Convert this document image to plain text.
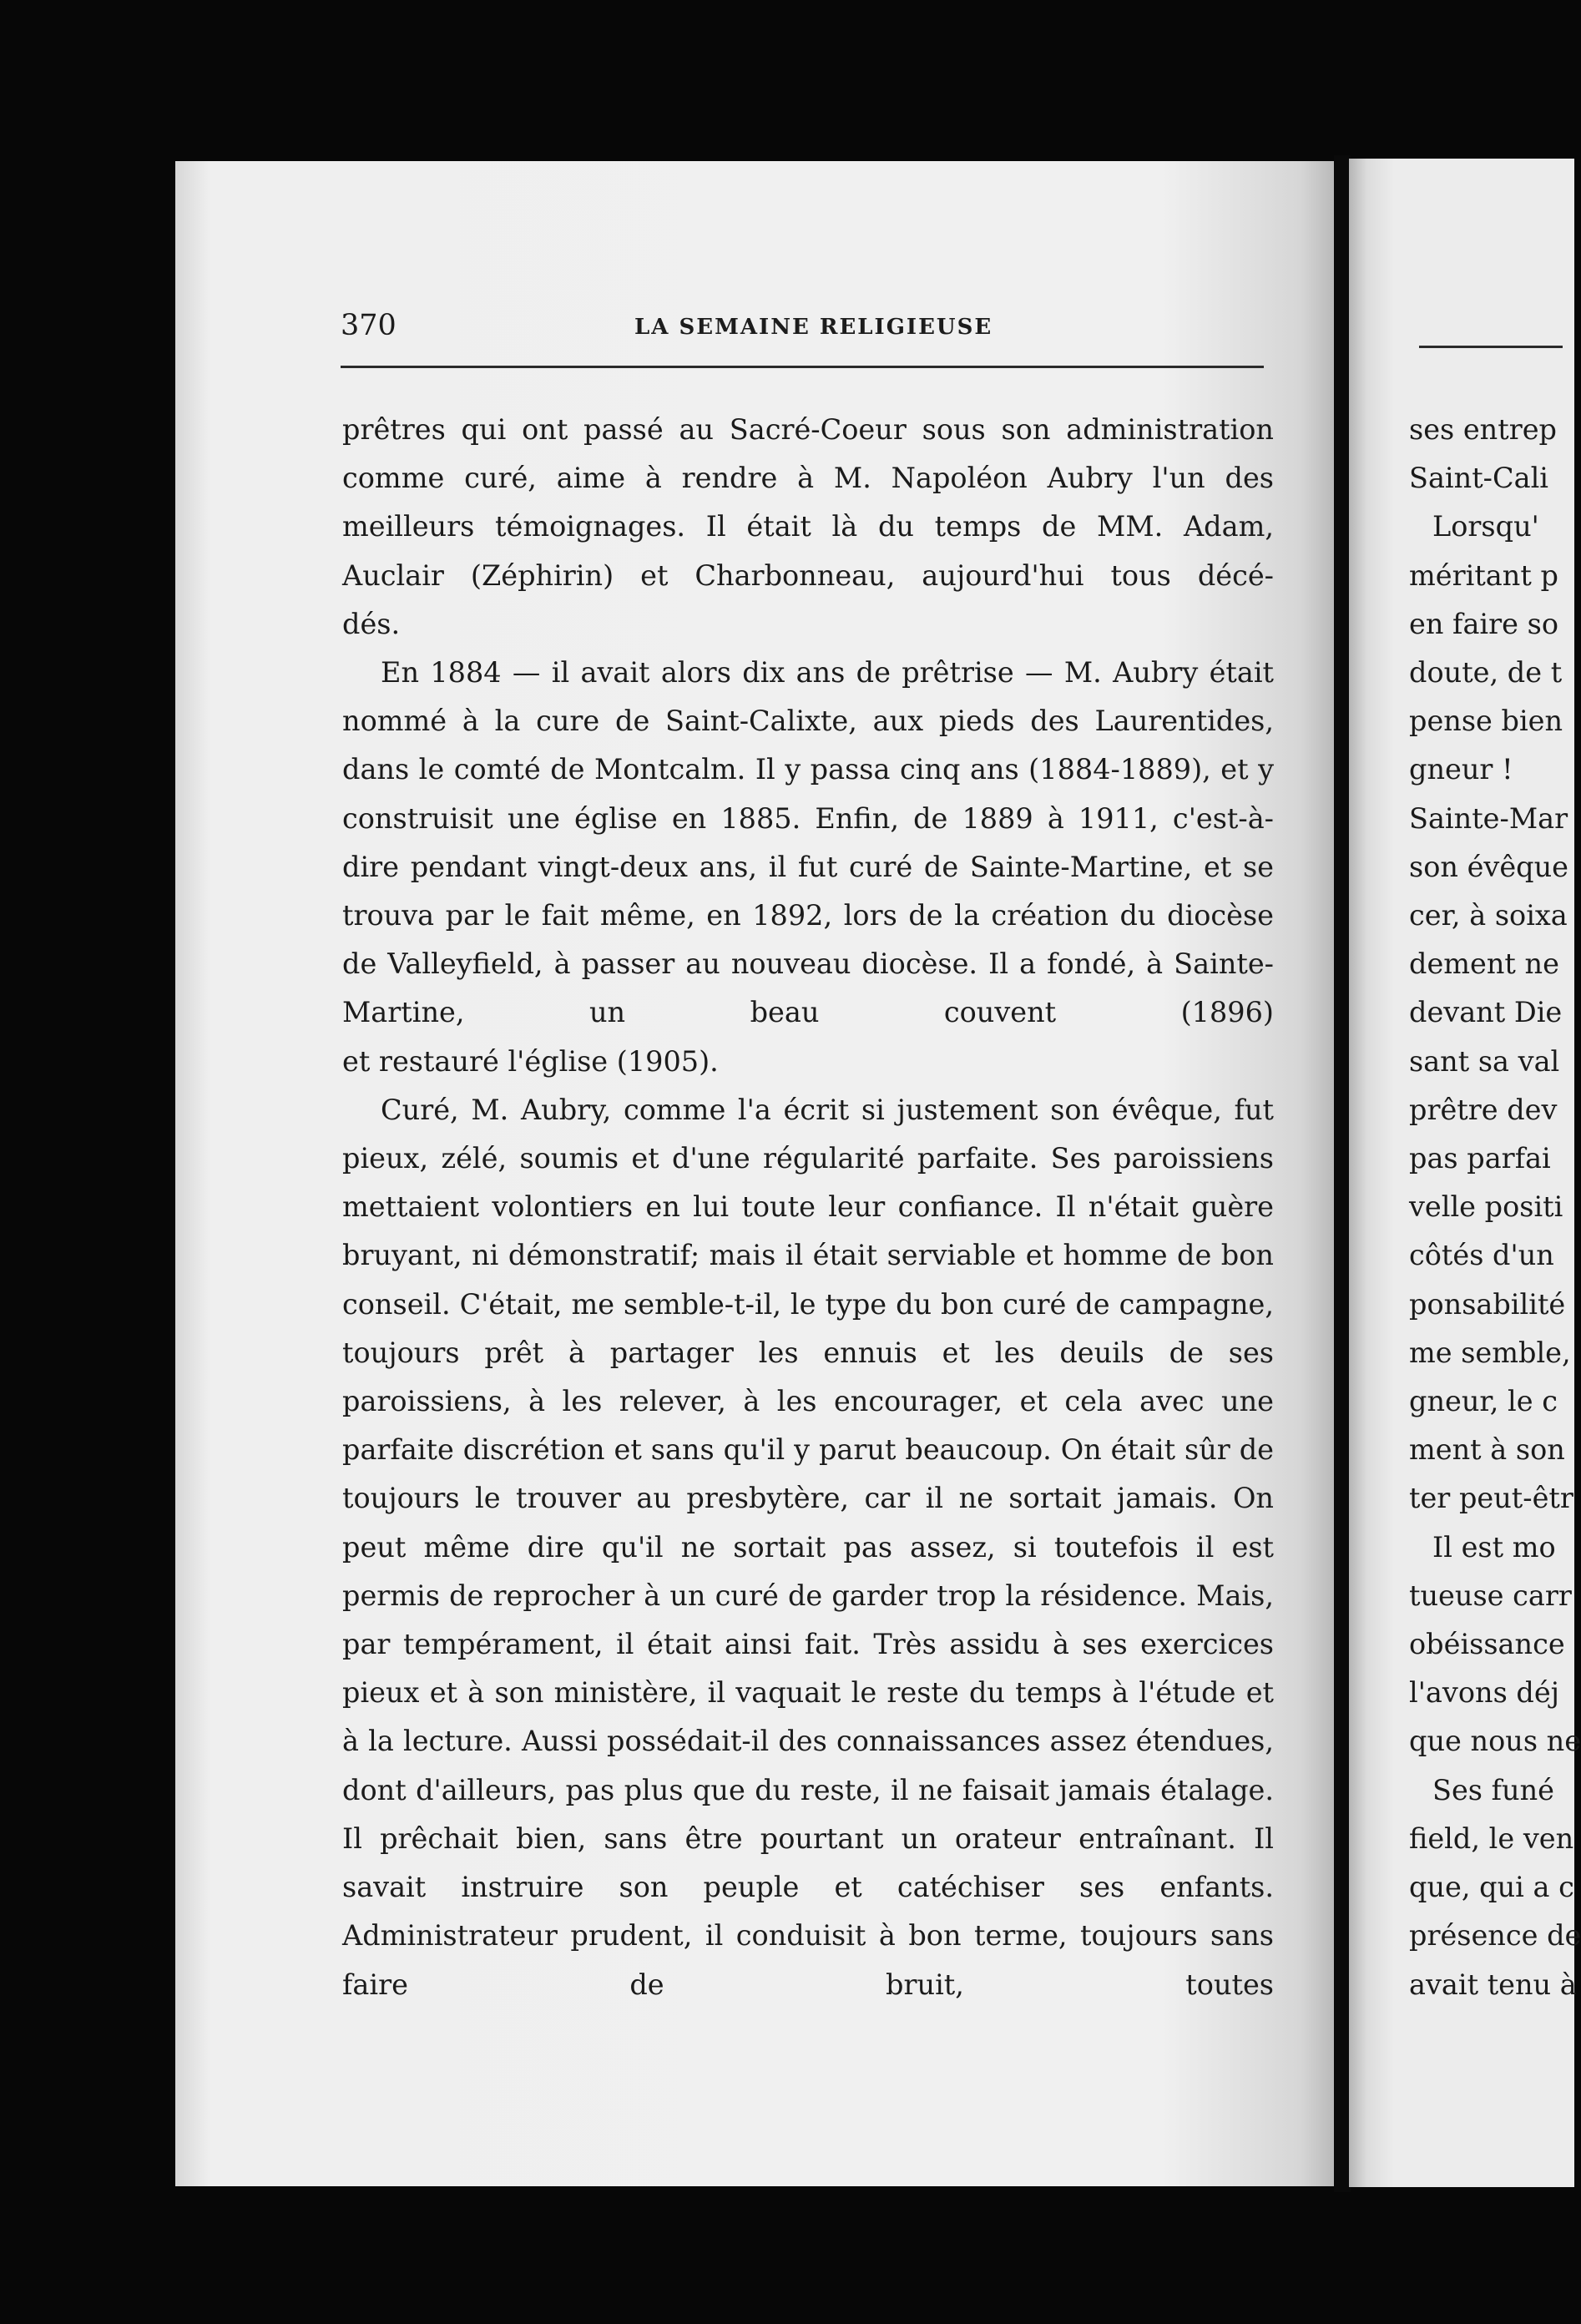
370	LA SEMAINE RELIGIEUSE

prêtres qui ont passé au Sacré-Coeur sous son administration comme curé, aime à rendre à M. Napoléon Aubry l'un des meilleurs témoignages. Il était là du temps de MM. Adam, Auclair (Zéphirin) et Charbonneau, aujourd'hui tous décé-

dés.

En 1884 — il avait alors dix ans de prêtrise — M. Aubry était nommé à la cure de Saint-Calixte, aux pieds des Laurentides, dans le comté de Montcalm. Il y passa cinq ans (1884-1889), et y construisit une église en 1885. Enfin, de 1889 à 1911, c'est-à-dire pendant vingt-deux ans, il fut curé de Sainte-Martine, et se trouva par le fait même, en 1892, lors de la création du diocèse de Valleyfield, à passer au nouveau diocèse. Il a fondé, à Sainte-Martine, un beau couvent (1896)

et restauré l'église (1905).

Curé, M. Aubry, comme l'a écrit si justement son évêque, fut pieux, zélé, soumis et d'une régularité parfaite. Ses paroissiens mettaient volontiers en lui toute leur confiance. Il n'était guère bruyant, ni démonstratif; mais il était serviable et homme de bon conseil. C'était, me semble-t-il, le type du bon curé de campagne, toujours prêt à partager les ennuis et les deuils de ses paroissiens, à les relever, à les encourager, et cela avec une parfaite discrétion et sans qu'il y parut beaucoup. On était sûr de toujours le trouver au presbytère, car il ne sortait jamais. On peut même dire qu'il ne sortait pas assez, si toutefois il est permis de reprocher à un curé de garder trop la résidence. Mais, par tempérament, il était ainsi fait. Très assidu à ses exercices pieux et à son ministère, il vaquait le reste du temps à l'étude et à la lecture. Aussi possédait-il des connaissances assez étendues, dont d'ailleurs, pas plus que du reste, il ne faisait jamais étalage. Il prêchait bien, sans être pourtant un orateur entraînant. Il savait instruire son peuple et catéchiser ses enfants. Administrateur prudent, il conduisit à bon terme, toujours sans faire de bruit, toutes

ses entrep
Saint-Cali
Lorsqu'
méritant p
en faire so
doute, de t
pense bien
gneur !
Sainte-Mar
son évêque
cer, à soixa
dement ne
devant Die
sant sa val
prêtre dev
pas parfai
velle positi
côtés d'un
ponsabilité
me semble,
gneur, le c
ment à son
ter peut-êtr
Il est mo
tueuse carr
obéissance
l'avons déj
que nous ne
Ses funé
field, le ven
que, qui a c
présence de
avait tenu à
